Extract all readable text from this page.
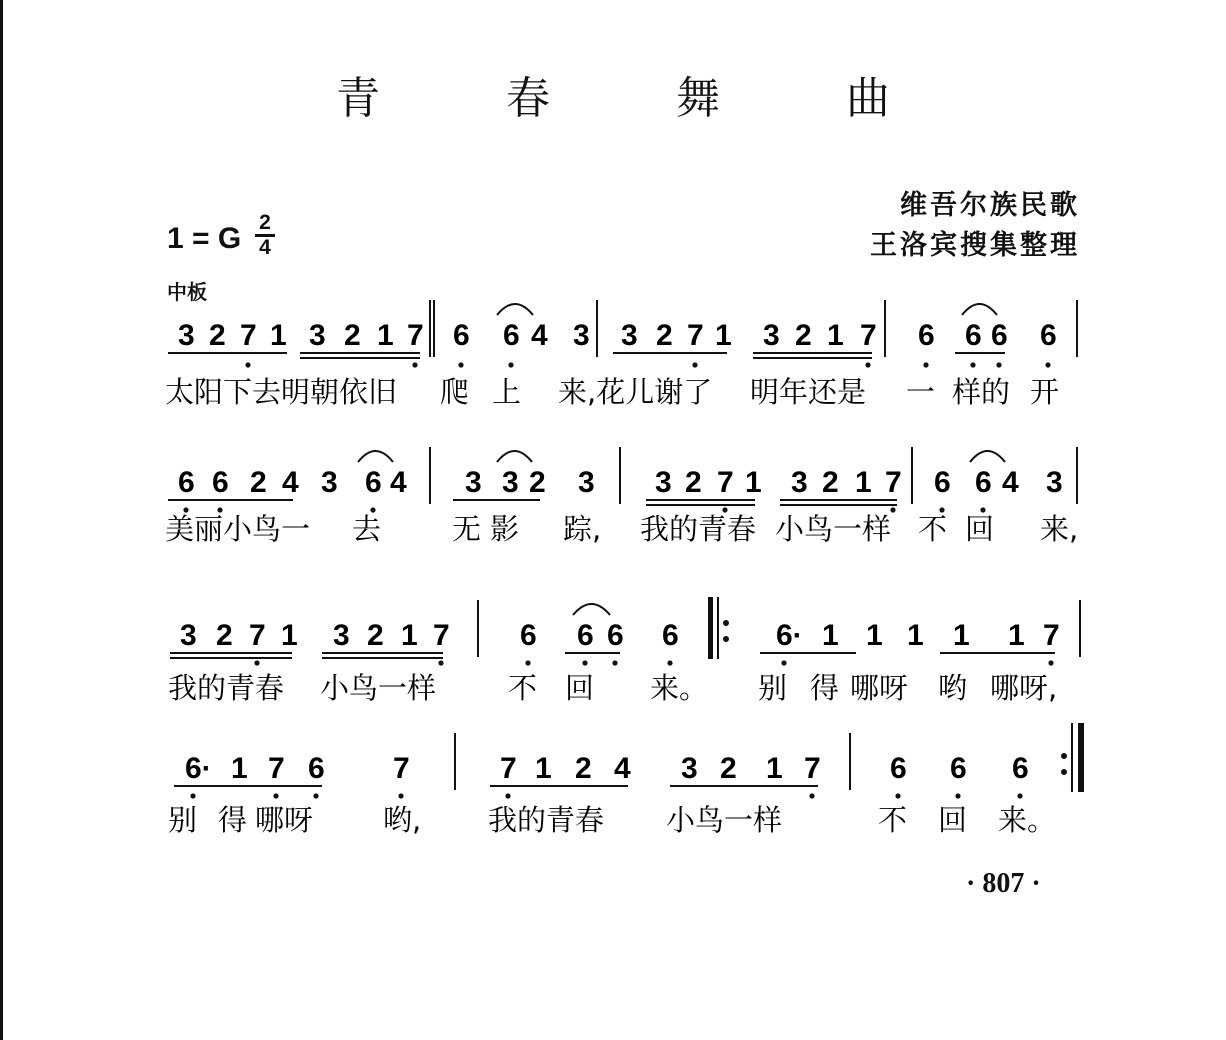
青 春 舞 曲
维吾尔族民歌
王洛宾搜集整理
1 = G 2
4
中板
3 2 7 1 3 2 1 7 6 6 4 3 3 2 7 1 3 2 1 7 6 6 6 6
太阳下去明朝依旧 爬 上 来,花儿谢了 明年还是 一 样的 开
6 6 2 4 3 6 4 3 3 2 3 3 2 7 1 3 2 1 7 6 6 4 3
美丽小鸟一 去 无 影 踪, 我的青春 小鸟一样 不 回 来,
3 2 7 1 3 2 1 7 6 6 6 6	6· 1 1 1 1 1 7
我的青春 小鸟一样 不 回 来。 别 得 哪呀 哟 哪呀,
6· 1 7 6 7	7 1 2 4 3 2 1 7 6 6 6
别 得 哪呀 哟, 我的青春 小鸟一样	不 回 来。
· 807 ·
